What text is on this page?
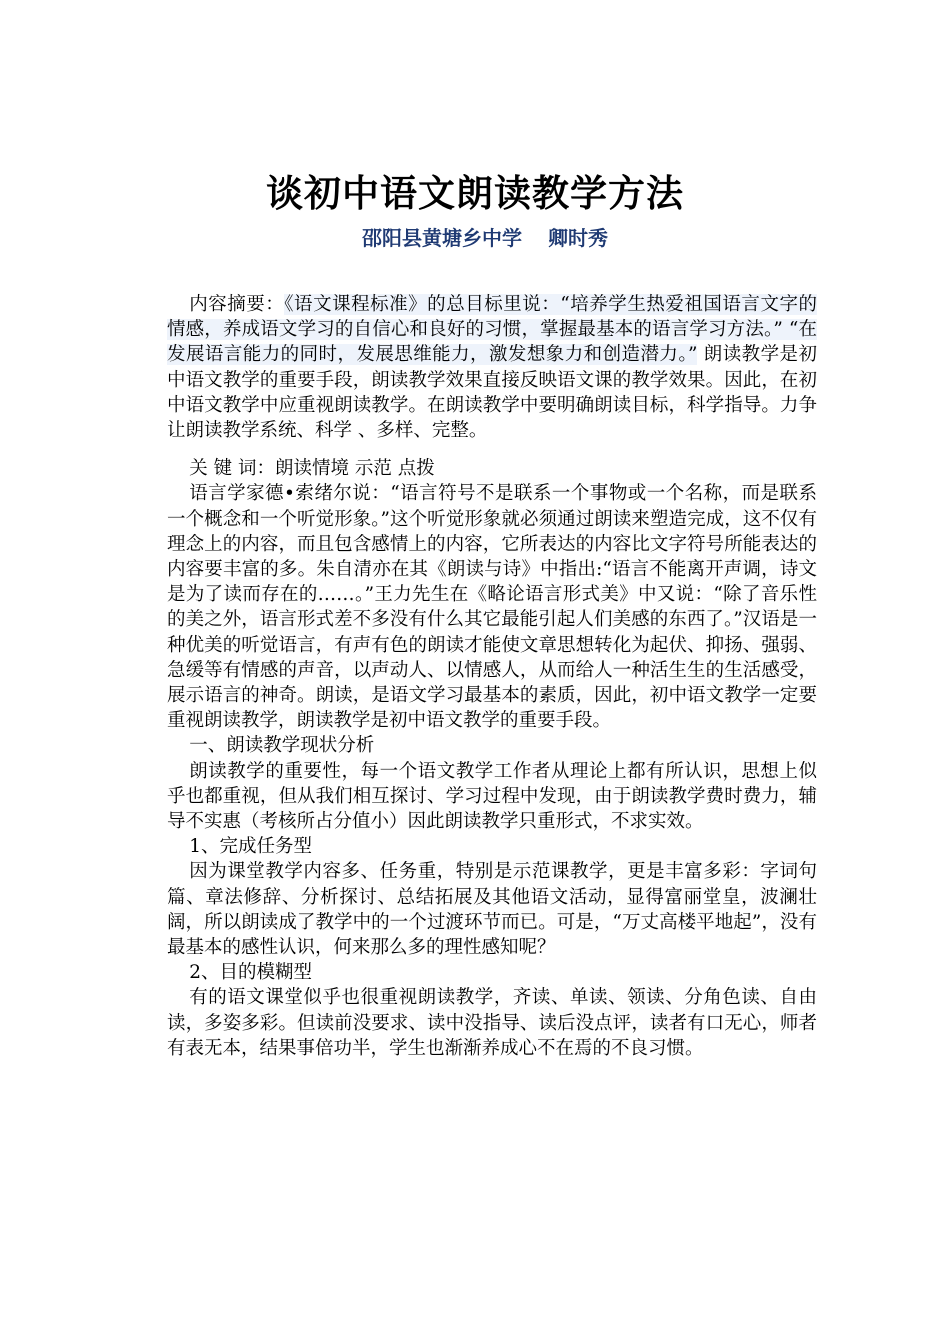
谈初中语文朗读教学方法
邵阳县黄塘乡中学 卿时秀

内容摘要：《语文课程标准》的总目标里说：“培养学生热爱祖国语言文字的情感，养成语文学习的自信心和良好的习惯，掌握最基本的语言学习方法。” “在发展语言能力的同时，发展思维能力，激发想象力和创造潜力。” 朗读教学是初中语文教学的重要手段，朗读教学效果直接反映语文课的教学效果。因此，在初中语文教学中应重视朗读教学。在朗读教学中要明确朗读目标，科学指导。力争让朗读教学系统、科学 、多样、完整。

关 键 词：朗读情境 示范 点拨

语言学家德•索绪尔说：“语言符号不是联系一个事物或一个名称，而是联系一个概念和一个听觉形象。”这个听觉形象就必须通过朗读来塑造完成，这不仅有理念上的内容，而且包含感情上的内容，它所表达的内容比文字符号所能表达的内容要丰富的多。朱自清亦在其《朗读与诗》中指出:“语言不能离开声调，诗文是为了读而存在的……。”王力先生在《略论语言形式美》中又说：“除了音乐性的美之外，语言形式差不多没有什么其它最能引起人们美感的东西了。”汉语是一种优美的听觉语言，有声有色的朗读才能使文章思想转化为起伏、抑扬、强弱、急缓等有情感的声音，以声动人、以情感人，从而给人一种活生生的生活感受，展示语言的神奇。朗读，是语文学习最基本的素质，因此，初中语文教学一定要重视朗读教学，朗读教学是初中语文教学的重要手段。

一、朗读教学现状分析

朗读教学的重要性，每一个语文教学工作者从理论上都有所认识，思想上似乎也都重视，但从我们相互探讨、学习过程中发现，由于朗读教学费时费力，辅导不实惠（考核所占分值小）因此朗读教学只重形式，不求实效。

1、完成任务型

因为课堂教学内容多、任务重，特别是示范课教学，更是丰富多彩：字词句篇、章法修辞、分析探讨、总结拓展及其他语文活动，显得富丽堂皇，波澜壮阔，所以朗读成了教学中的一个过渡环节而已。可是，“万丈高楼平地起”，没有最基本的感性认识，何来那么多的理性感知呢？

2、目的模糊型

有的语文课堂似乎也很重视朗读教学，齐读、单读、领读、分角色读、自由读，多姿多彩。但读前没要求、读中没指导、读后没点评，读者有口无心，师者有表无本，结果事倍功半，学生也渐渐养成心不在焉的不良习惯。
